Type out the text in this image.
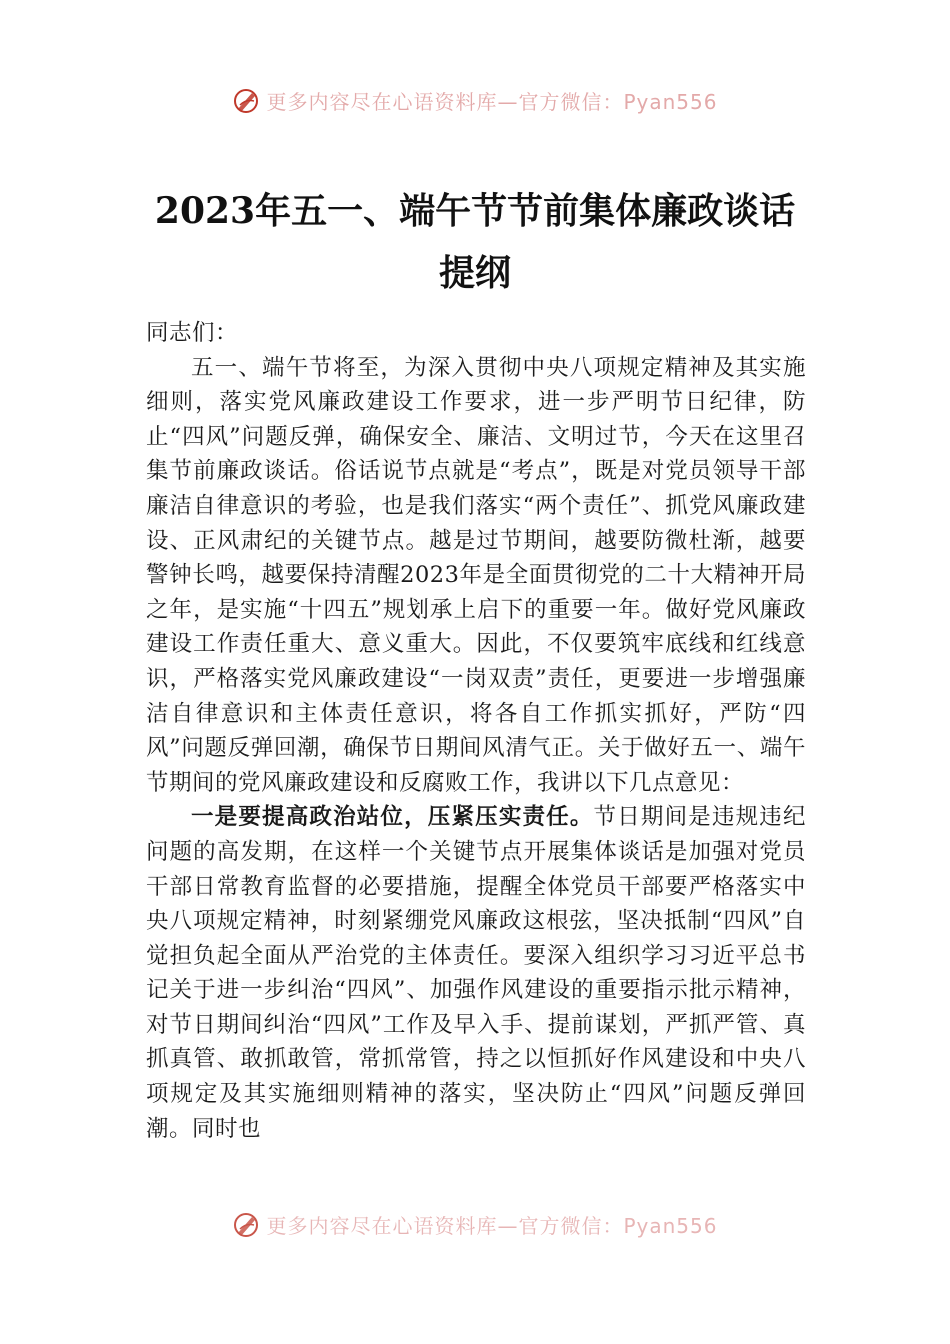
更多内容尽在心语资料库—官方微信：Pyan556
2023年五一、端午节节前集体廉政谈话提纲

同志们：

五一、端午节将至，为深入贯彻中央八项规定精神及其实施细则，落实党风廉政建设工作要求，进一步严明节日纪律，防止“四风”问题反弹，确保安全、廉洁、文明过节，今天在这里召集节前廉政谈话。俗话说节点就是“考点”，既是对党员领导干部廉洁自律意识的考验，也是我们落实“两个责任”、抓党风廉政建设、正风肃纪的关键节点。越是过节期间，越要防微杜渐，越要警钟长鸣，越要保持清醒2023年是全面贯彻党的二十大精神开局之年，是实施“十四五”规划承上启下的重要一年。做好党风廉政建设工作责任重大、意义重大。因此，不仅要筑牢底线和红线意识，严格落实党风廉政建设“一岗双责”责任，更要进一步增强廉洁自律意识和主体责任意识，将各自工作抓实抓好，严防“四风”问题反弹回潮，确保节日期间风清气正。关于做好五一、端午节期间的党风廉政建设和反腐败工作，我讲以下几点意见：

一是要提高政治站位，压紧压实责任。节日期间是违规违纪问题的高发期，在这样一个关键节点开展集体谈话是加强对党员干部日常教育监督的必要措施，提醒全体党员干部要严格落实中央八项规定精神，时刻紧绷党风廉政这根弦，坚决抵制“四风”自觉担负起全面从严治党的主体责任。要深入组织学习习近平总书记关于进一步纠治“四风”、加强作风建设的重要指示批示精神，对节日期间纠治“四风”工作及早入手、提前谋划，严抓严管、真抓真管、敢抓敢管，常抓常管，持之以恒抓好作风建设和中央八项规定及其实施细则精神的落实，坚决防止“四风”问题反弹回潮。同时也

更多内容尽在心语资料库—官方微信：Pyan556
